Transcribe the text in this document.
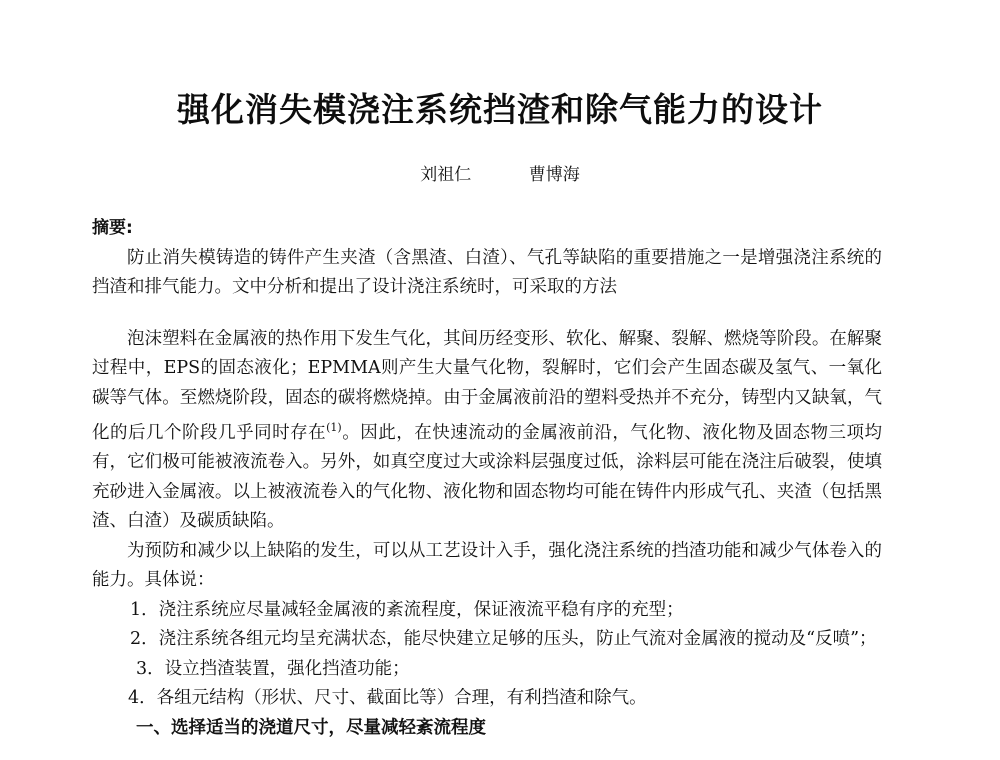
强化消失模浇注系统挡渣和除气能力的设计
刘祖仁	曹博海
摘要:

防止消失模铸造的铸件产生夹渣（含黑渣、白渣）、气孔等缺陷的重要措施之一是增强浇注系统的挡渣和排气能力。文中分析和提出了设计浇注系统时，可采取的方法

泡沫塑料在金属液的热作用下发生气化，其间历经变形、软化、解聚、裂解、燃烧等阶段。在解聚过程中，EPS的固态液化；EPMMA则产生大量气化物，裂解时，它们会产生固态碳及氢气、一氧化碳等气体。至燃烧阶段，固态的碳将燃烧掉。由于金属液前沿的塑料受热并不充分，铸型内又缺氧，气化的后几个阶段几乎同时存在$^{(1)}$。因此，在快速流动的金属液前沿，气化物、液化物及固态物三项均有，它们极可能被液流卷入。另外，如真空度过大或涂料层强度过低，涂料层可能在浇注后破裂，使填充砂进入金属液。以上被液流卷入的气化物、液化物和固态物均可能在铸件内形成气孔、夹渣（包括黑渣、白渣）及碳质缺陷。

为预防和减少以上缺陷的发生，可以从工艺设计入手，强化浇注系统的挡渣功能和减少气体卷入的能力。具体说：

1．浇注系统应尽量减轻金属液的紊流程度，保证液流平稳有序的充型；

2．浇注系统各组元均呈充满状态，能尽快建立足够的压头，防止气流对金属液的搅动及“反喷”；

3．设立挡渣装置，强化挡渣功能；

4．各组元结构（形状、尺寸、截面比等）合理，有利挡渣和除气。

一、选择适当的浇道尺寸，尽量减轻紊流程度
